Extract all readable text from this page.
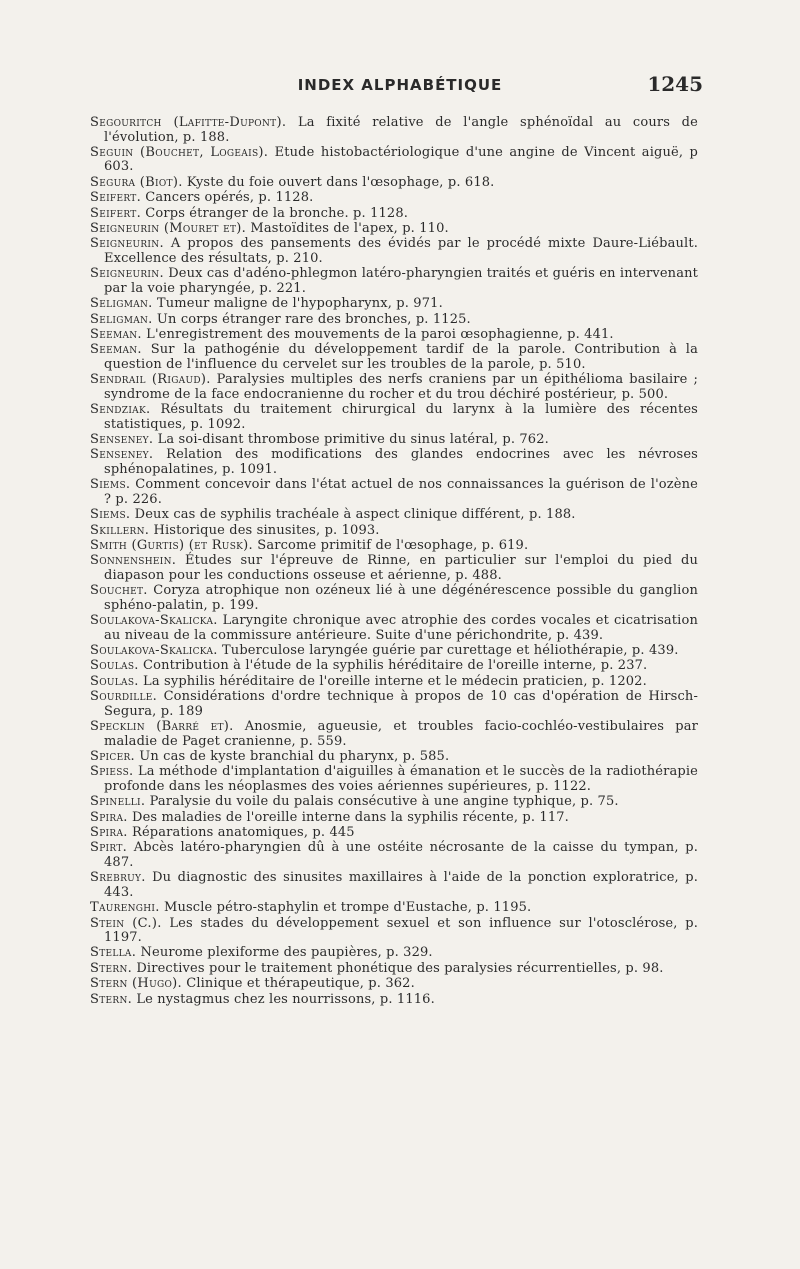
INDEX ALPHABÉTIQUE	1245

Segouritch (Lafitte-Dupont). La fixité relative de l'angle sphénoïdal au cours de l'évolution, p. 188.

Seguin (Bouchet, Logeais). Etude histobactériologique d'une angine de Vincent aiguë, p 603.

Segura (Biot). Kyste du foie ouvert dans l'œsophage, p. 618.

Seifert. Cancers opérés, p. 1128.

Seifert. Corps étranger de la bronche. p. 1128.

Seigneurin (Mouret et). Mastoïdites de l'apex, p. 110.

Seigneurin. A propos des pansements des évidés par le procédé mixte Daure-Liébault. Excellence des résultats, p. 210.

Seigneurin. Deux cas d'adéno-phlegmon latéro-pharyngien traités et guéris en intervenant par la voie pharyngée, p. 221.

Seligman. Tumeur maligne de l'hypopharynx, p. 971.

Seligman. Un corps étranger rare des bronches, p. 1125.

Seeman. L'enregistrement des mouvements de la paroi œsophagienne, p. 441.

Seeman. Sur la pathogénie du développement tardif de la parole. Contribution à la question de l'influence du cervelet sur les troubles de la parole, p. 510.

Sendrail (Rigaud). Paralysies multiples des nerfs craniens par un épithélioma basilaire ; syndrome de la face endocranienne du rocher et du trou déchiré postérieur, p. 500.

Sendziak. Résultats du traitement chirurgical du larynx à la lumière des récentes statistiques, p. 1092.

Senseney. La soi-disant thrombose primitive du sinus latéral, p. 762.

Senseney. Relation des modifications des glandes endocrines avec les névroses sphénopalatines, p. 1091.

Siems. Comment concevoir dans l'état actuel de nos connaissances la guérison de l'ozène ? p. 226.

Siems. Deux cas de syphilis trachéale à aspect clinique différent, p. 188.

Skillern. Historique des sinusites, p. 1093.

Smith (Gurtis) (et Rusk). Sarcome primitif de l'œsophage, p. 619.

Sonnenshein. Études sur l'épreuve de Rinne, en particulier sur l'emploi du pied du diapason pour les conductions osseuse et aérienne, p. 488.

Souchet. Coryza atrophique non ozéneux lié à une dégénérescence possible du ganglion sphéno-palatin, p. 199.

Soulakova-Skalicka. Laryngite chronique avec atrophie des cordes vocales et cicatrisation au niveau de la commissure antérieure. Suite d'une périchondrite, p. 439.

Soulakova-Skalicka. Tuberculose laryngée guérie par curettage et héliothérapie, p. 439.

Soulas. Contribution à l'étude de la syphilis héréditaire de l'oreille interne, p. 237.

Soulas. La syphilis héréditaire de l'oreille interne et le médecin praticien, p. 1202.

Sourdille. Considérations d'ordre technique à propos de 10 cas d'opération de Hirsch-Segura, p. 189

Specklin (Barré et). Anosmie, agueusie, et troubles facio-cochléo-vestibulaires par maladie de Paget cranienne, p. 559.

Spicer. Un cas de kyste branchial du pharynx, p. 585.

Spiess. La méthode d'implantation d'aiguilles à émanation et le succès de la radiothérapie profonde dans les néoplasmes des voies aériennes supérieures, p. 1122.

Spinelli. Paralysie du voile du palais consécutive à une angine typhique, p. 75.

Spira. Des maladies de l'oreille interne dans la syphilis récente, p. 117.

Spira. Réparations anatomiques, p. 445

Spirt. Abcès latéro-pharyngien dû à une ostéite nécrosante de la caisse du tympan, p. 487.

Srebruy. Du diagnostic des sinusites maxillaires à l'aide de la ponction exploratrice, p. 443.

Taurenghi. Muscle pétro-staphylin et trompe d'Eustache, p. 1195.

Stein (C.). Les stades du développement sexuel et son influence sur l'otosclérose, p. 1197.

Stella. Neurome plexiforme des paupières, p. 329.

Stern. Directives pour le traitement phonétique des paralysies récurrentielles, p. 98.

Stern (Hugo). Clinique et thérapeutique, p. 362.

Stern. Le nystagmus chez les nourrissons, p. 1116.
